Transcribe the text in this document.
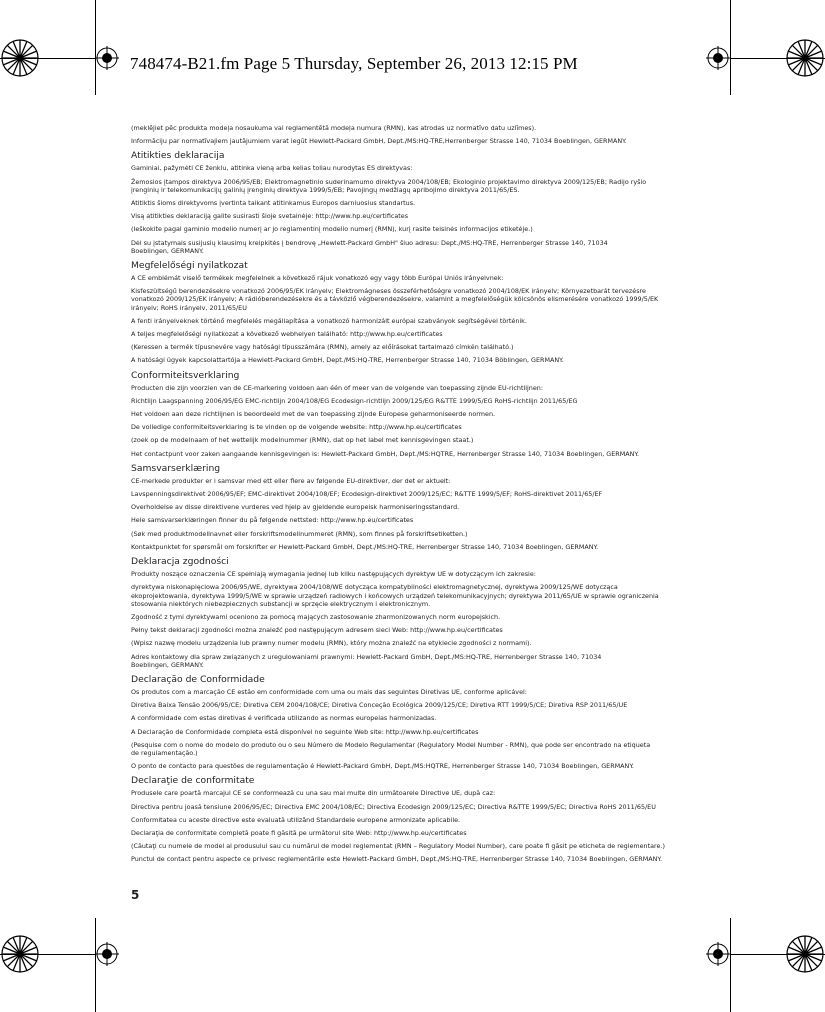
748474-B21.fm Page 5 Thursday, September 26, 2013 12:15 PM
(meklējiet pēc produkta modeļa nosaukuma vai reglamentētā modeļa numura (RMN), kas atrodas uz normatīvo datu uzlīmes).
Informāciju par normatīvajiem jautājumiem varat iegūt Hewlett-Packard GmbH, Dept./MS:HQ-TRE,Herrenberger Strasse 140, 71034 Boeblingen, GERMANY.
Atitikties deklaracija
Gaminiai, pažymėti CE ženklu, atitinka vieną arba kelias toliau nurodytas ES direktyvas:
Žemosios įtampos direktyva 2006/95/EB; Elektromagnetinio suderinamumo direktyva 2004/108/EB; Ekologinio projektavimo direktyva 2009/125/EB; Radijo ryšio
įrenginių ir telekomunikacijų galinių įrenginių direktyva 1999/5/EB; Pavojingų medžiagų apribojimo direktyva 2011/65/ES.
Atitiktis šioms direktyvoms įvertinta taikant atitinkamus Europos darniuosius standartus.
Visą atitikties deklaraciją galite susirasti šioje svetainėje: http://www.hp.eu/certificates
(Ieškokite pagal gaminio modelio numerį ar jo reglamentinį modelio numerį (RMN), kurį rasite teisinės informacijos etiketėje.)
Dėl su įstatymais susijusių klausimų kreipkitės į bendrovę „Hewlett-Packard GmbH" šiuo adresu: Dept./MS:HQ-TRE, Herrenberger Strasse 140, 71034
Boeblingen, GERMANY.
Megfelelőségi nyilatkozat
A CE emblémát viselő termékek megfelelnek a következő rájuk vonatkozó egy vagy több Európai Uniós irányelvnek:
Kisfeszültségű berendezésekre vonatkozó 2006/95/EK irányelv; Elektromágneses összeférhetőségre vonatkozó 2004/108/EK irányelv; Környezetbarát tervezésre
vonatkozó 2009/125/EK irányelv; A rádióberendezésekre és a távközlő végberendezésekre, valamint a megfelelőségük kölcsönös elismerésére vonatkozó 1999/5/EK
irányelv; RoHS irányelv, 2011/65/EU
A fenti irányelveknek történő megfelelés megállapítása a vonatkozó harmonizált európai szabványok segítségével történik.
A teljes megfelelőségi nyilatkozat a következő webhelyen található: http://www.hp.eu/certificates
(Keressen a termék típusnevére vagy hatósági típusszámára (RMN), amely az előírásokat tartalmazó címkén található.)
A hatósági ügyek kapcsolattartója a Hewlett-Packard GmbH, Dept./MS:HQ-TRE, Herrenberger Strasse 140, 71034 Böblingen, GERMANY.
Conformiteitsverklaring
Producten die zijn voorzien van de CE-markering voldoen aan één of meer van de volgende van toepassing zijnde EU-richtlijnen:
Richtlijn Laagspanning 2006/95/EG EMC-richtlijn 2004/108/EG Ecodesign-richtlijn 2009/125/EG R&TTE 1999/5/EG RoHS-richtlijn 2011/65/EG
Het voldoen aan deze richtlijnen is beoordeeld met de van toepassing zijnde Europese geharmoniseerde normen.
De volledige conformiteitsverklaring is te vinden op de volgende website: http://www.hp.eu/certificates
(zoek op de modelnaam of het wettelijk modelnummer (RMN), dat op het label met kennisgevingen staat.)
Het contactpunt voor zaken aangaande kennisgevingen is: Hewlett-Packard GmbH, Dept./MS:HQTRE, Herrenberger Strasse 140, 71034 Boeblingen, GERMANY.
Samsvarserklæring
CE-merkede produkter er i samsvar med ett eller flere av følgende EU-direktiver, der det er aktuelt:
Lavspenningsdirektivet 2006/95/EF; EMC-direktivet 2004/108/EF; Ecodesign-direktivet 2009/125/EC; R&TTE 1999/5/EF; RoHS-direktivet 2011/65/EF
Overholdelse av disse direktivene vurderes ved hjelp av gjeldende europeisk harmoniseringsstandard.
Hele samsvarserklæringen finner du på følgende nettsted: http://www.hp.eu/certificates
(Søk med produktmodellnavnet eller forskriftsmodellnummeret (RMN), som finnes på forskriftsetiketten.)
Kontaktpunktet for spørsmål om forskrifter er Hewlett-Packard GmbH, Dept./MS:HQ-TRE, Herrenberger Strasse 140, 71034 Boeblingen, GERMANY.
Deklaracja zgodności
Produkty noszące oznaczenia CE spełniają wymagania jednej lub kilku następujących dyrektyw UE w dotyczącym ich zakresie:
dyrektywa niskonapięciowa 2006/95/WE, dyrektywa 2004/108/WE dotycząca kompatybilności elektromagnetycznej, dyrektywa 2009/125/WE dotycząca
ekoprojektowania, dyrektywa 1999/5/WE w sprawie urządzeń radiowych i końcowych urządzeń telekomunikacyjnych; dyrektywa 2011/65/UE w sprawie ograniczenia
stosowania niektórych niebezpiecznych substancji w sprzęcie elektrycznym i elektronicznym.
Zgodność z tymi dyrektywami oceniono za pomocą mających zastosowanie zharmonizowanych norm europejskich.
Pełny tekst deklaracji zgodności można znaleźć pod następującym adresem sieci Web: http://www.hp.eu/certificates
(Wpisz nazwę modelu urządzenia lub prawny numer modelu (RMN), który można znaleźć na etykiecie zgodności z normami).
Adres kontaktowy dla spraw związanych z uregulowaniami prawnymi: Hewlett-Packard GmbH, Dept./MS:HQ-TRE, Herrenberger Strasse 140, 71034
Boeblingen, GERMANY.
Declaração de Conformidade
Os produtos com a marcação CE estão em conformidade com uma ou mais das seguintes Diretivas UE, conforme aplicável:
Diretiva Baixa Tensão 2006/95/CE; Diretiva CEM 2004/108/CE; Diretiva Conceção Ecológica 2009/125/CE; Diretiva RTT 1999/5/CE; Diretiva RSP 2011/65/UE
A conformidade com estas diretivas é verificada utilizando as normas europeias harmonizadas.
A Declaração de Conformidade completa está disponível no seguinte Web site: http://www.hp.eu/certificates
(Pesquise com o nome do modelo do produto ou o seu Número de Modelo Regulamentar (Regulatory Model Number - RMN), que pode ser encontrado na etiqueta
de regulamentação.)
O ponto de contacto para questões de regulamentação é Hewlett-Packard GmbH, Dept./MS:HQTRE, Herrenberger Strasse 140, 71034 Boeblingen, GERMANY.
Declaraţie de conformitate
Produsele care poartă marcajul CE se conformează cu una sau mai multe din următoarele Directive UE, după caz:
Directiva pentru joasă tensiune 2006/95/EC; Directiva EMC 2004/108/EC; Directiva Ecodesign 2009/125/EC; Directiva R&TTE 1999/5/EC; Directiva RoHS 2011/65/EU
Conformitatea cu aceste directive este evaluată utilizând Standardele europene armonizate aplicabile.
Declaraţia de conformitate completă poate fi găsită pe următorul site Web: http://www.hp.eu/certificates
(Căutaţi cu numele de model al produsului sau cu numărul de model reglementat (RMN – Regulatory Model Number), care poate fi găsit pe eticheta de reglementare.)
Punctul de contact pentru aspecte ce privesc reglementările este Hewlett-Packard GmbH, Dept./MS:HQ-TRE, Herrenberger Strasse 140, 71034 Boeblingen, GERMANY.
5
